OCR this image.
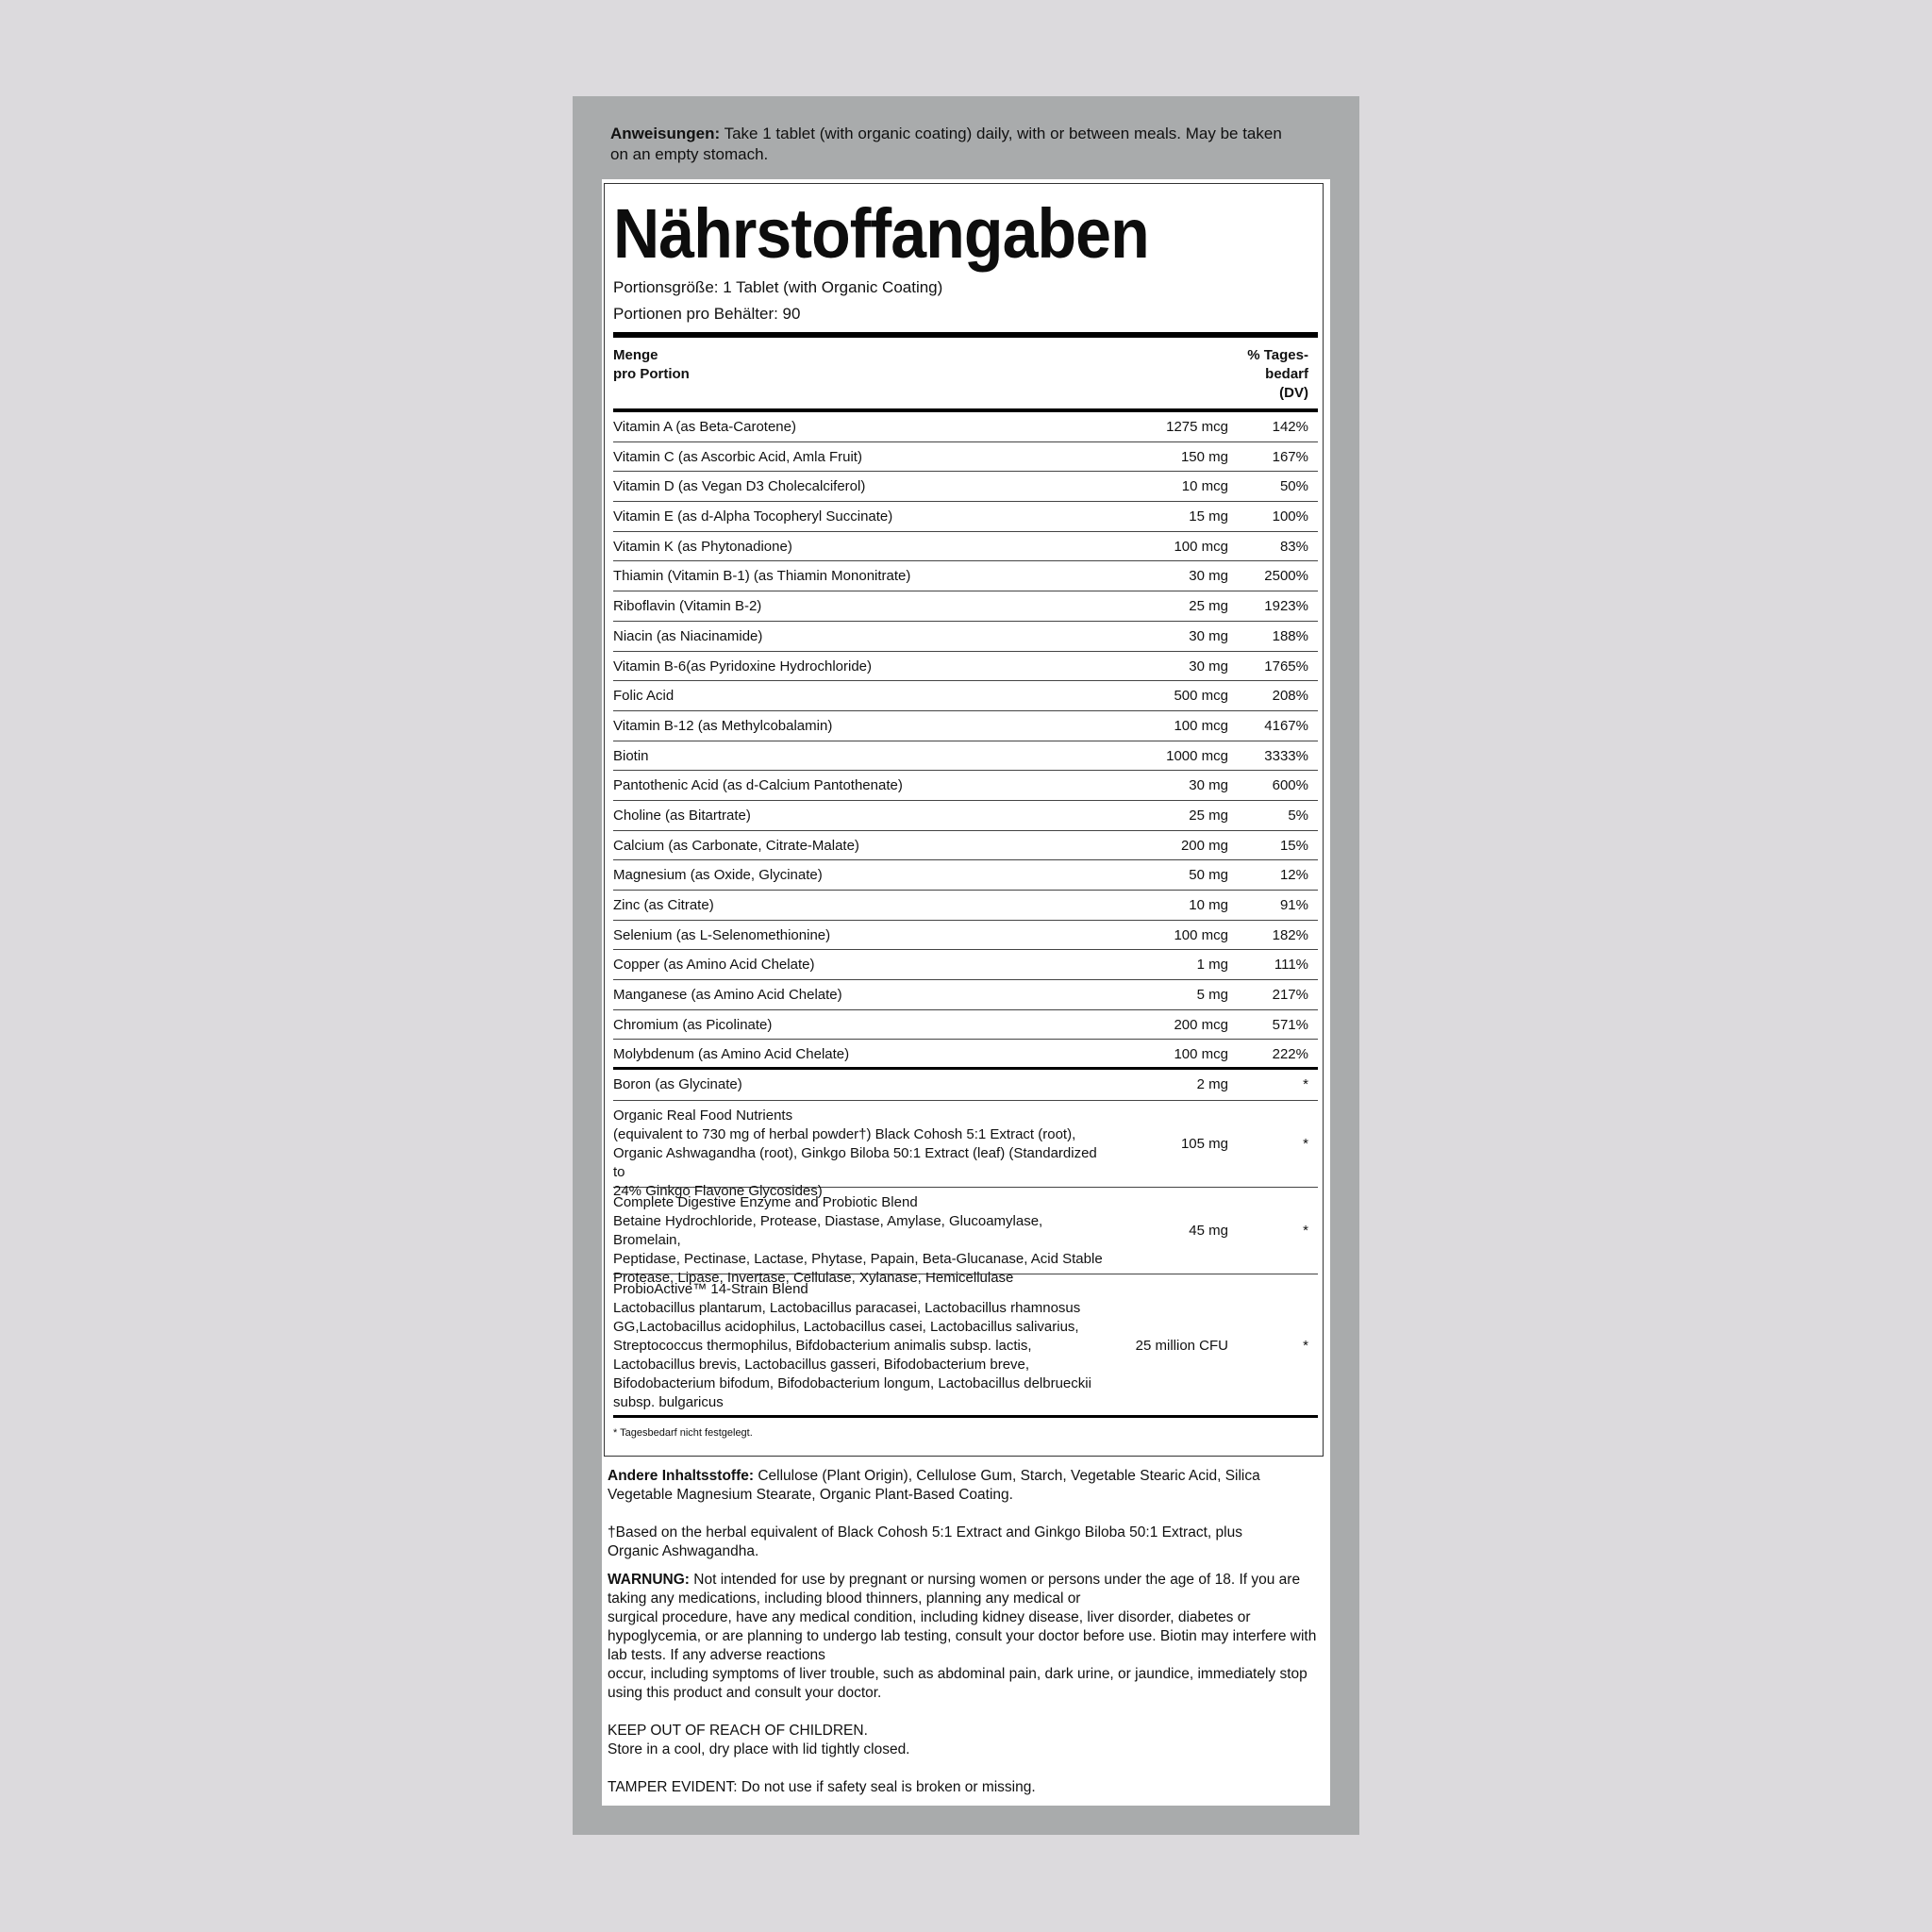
Anweisungen: Take 1 tablet (with organic coating) daily, with or between meals. May be taken on an empty stomach.
Nährstoffangaben
Portionsgröße: 1 Tablet (with Organic Coating)
Portionen pro Behälter: 90
Menge
pro Portion
% Tages-
bedarf
(DV)
Vitamin A (as Beta-Carotene)	1275 mcg	142%
Vitamin C (as Ascorbic Acid, Amla Fruit)	150 mg	167%
Vitamin D (as Vegan D3 Cholecalciferol)	10 mcg	50%
Vitamin E (as d-Alpha Tocopheryl Succinate)	15 mg	100%
Vitamin K (as Phytonadione)	100 mcg	83%
Thiamin (Vitamin B-1) (as Thiamin Mononitrate)	30 mg	2500%
Riboflavin (Vitamin B-2)	25 mg	1923%
Niacin (as Niacinamide)	30 mg	188%
Vitamin B-6(as Pyridoxine Hydrochloride)	30 mg	1765%
Folic Acid	500 mcg	208%
Vitamin B-12 (as Methylcobalamin)	100 mcg	4167%
Biotin	1000 mcg	3333%
Pantothenic Acid (as d-Calcium Pantothenate)	30 mg	600%
Choline (as Bitartrate)	25 mg	5%
Calcium (as Carbonate, Citrate-Malate)	200 mg	15%
Magnesium (as Oxide, Glycinate)	50 mg	12%
Zinc (as Citrate)	10 mg	91%
Selenium (as L-Selenomethionine)	100 mcg	182%
Copper (as Amino Acid Chelate)	1 mg	111%
Manganese (as Amino Acid Chelate)	5 mg	217%
Chromium (as Picolinate)	200 mcg	571%
Molybdenum (as Amino Acid Chelate)	100 mcg	222%
Boron (as Glycinate)	2 mg	*
Organic Real Food Nutrients
(equivalent to 730 mg of herbal powder†) Black Cohosh 5:1 Extract (root),
Organic Ashwagandha (root), Ginkgo Biloba 50:1 Extract (leaf) (Standardized to
24% Ginkgo Flavone Glycosides)
105 mg	*
Complete Digestive Enzyme and Probiotic Blend
Betaine Hydrochloride, Protease, Diastase, Amylase, Glucoamylase, Bromelain,
Peptidase, Pectinase, Lactase, Phytase, Papain, Beta-Glucanase, Acid Stable
Protease, Lipase, Invertase, Cellulase, Xylanase, Hemicellulase
45 mg	*
ProbioActive™ 14-Strain Blend
Lactobacillus plantarum, Lactobacillus paracasei, Lactobacillus rhamnosus
GG,Lactobacillus acidophilus, Lactobacillus casei, Lactobacillus salivarius,
Streptococcus thermophilus, Bifdobacterium animalis subsp. lactis,
Lactobacillus brevis, Lactobacillus gasseri, Bifodobacterium breve,
Bifodobacterium bifodum, Bifodobacterium longum, Lactobacillus delbrueckii
subsp. bulgaricus
25 million CFU	*
* Tagesbedarf nicht festgelegt.
Andere Inhaltsstoffe: Cellulose (Plant Origin), Cellulose Gum, Starch, Vegetable Stearic Acid, Silica Vegetable Magnesium Stearate, Organic Plant-Based Coating.
†Based on the herbal equivalent of Black Cohosh 5:1 Extract and Ginkgo Biloba 50:1 Extract, plus
Organic Ashwagandha.
WARNUNG: Not intended for use by pregnant or nursing women or persons under the age of 18. If you are taking any medications, including blood thinners, planning any medical or
surgical procedure, have any medical condition, including kidney disease, liver disorder, diabetes or hypoglycemia, or are planning to undergo lab testing, consult your doctor before use. Biotin may interfere with lab tests. If any adverse reactions
occur, including symptoms of liver trouble, such as abdominal pain, dark urine, or jaundice, immediately stop using this product and consult your doctor.
KEEP OUT OF REACH OF CHILDREN.
Store in a cool, dry place with lid tightly closed.
TAMPER EVIDENT: Do not use if safety seal is broken or missing.
